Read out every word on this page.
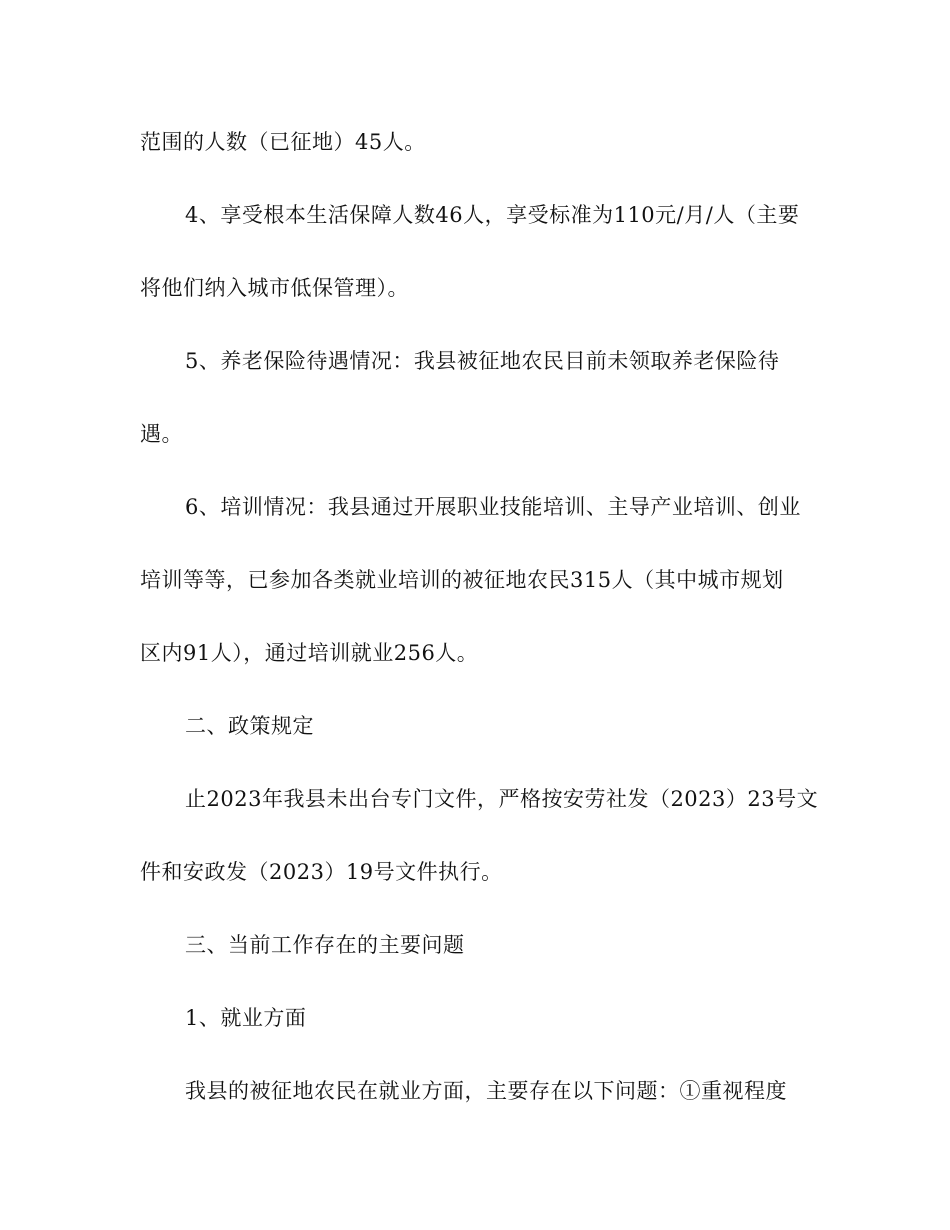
范围的人数（已征地）45人。
4、享受根本生活保障人数46人，享受标准为110元/月/人（主要
将他们纳入城市低保管理）。
5、养老保险待遇情况：我县被征地农民目前未领取养老保险待
遇。
6、培训情况：我县通过开展职业技能培训、主导产业培训、创业
培训等等，已参加各类就业培训的被征地农民315人（其中城市规划
区内91人），通过培训就业256人。
二、政策规定
止2023年我县未出台专门文件，严格按安劳社发（2023）23号文
件和安政发（2023）19号文件执行。
三、当前工作存在的主要问题
1、就业方面
我县的被征地农民在就业方面，主要存在以下问题：①重视程度
